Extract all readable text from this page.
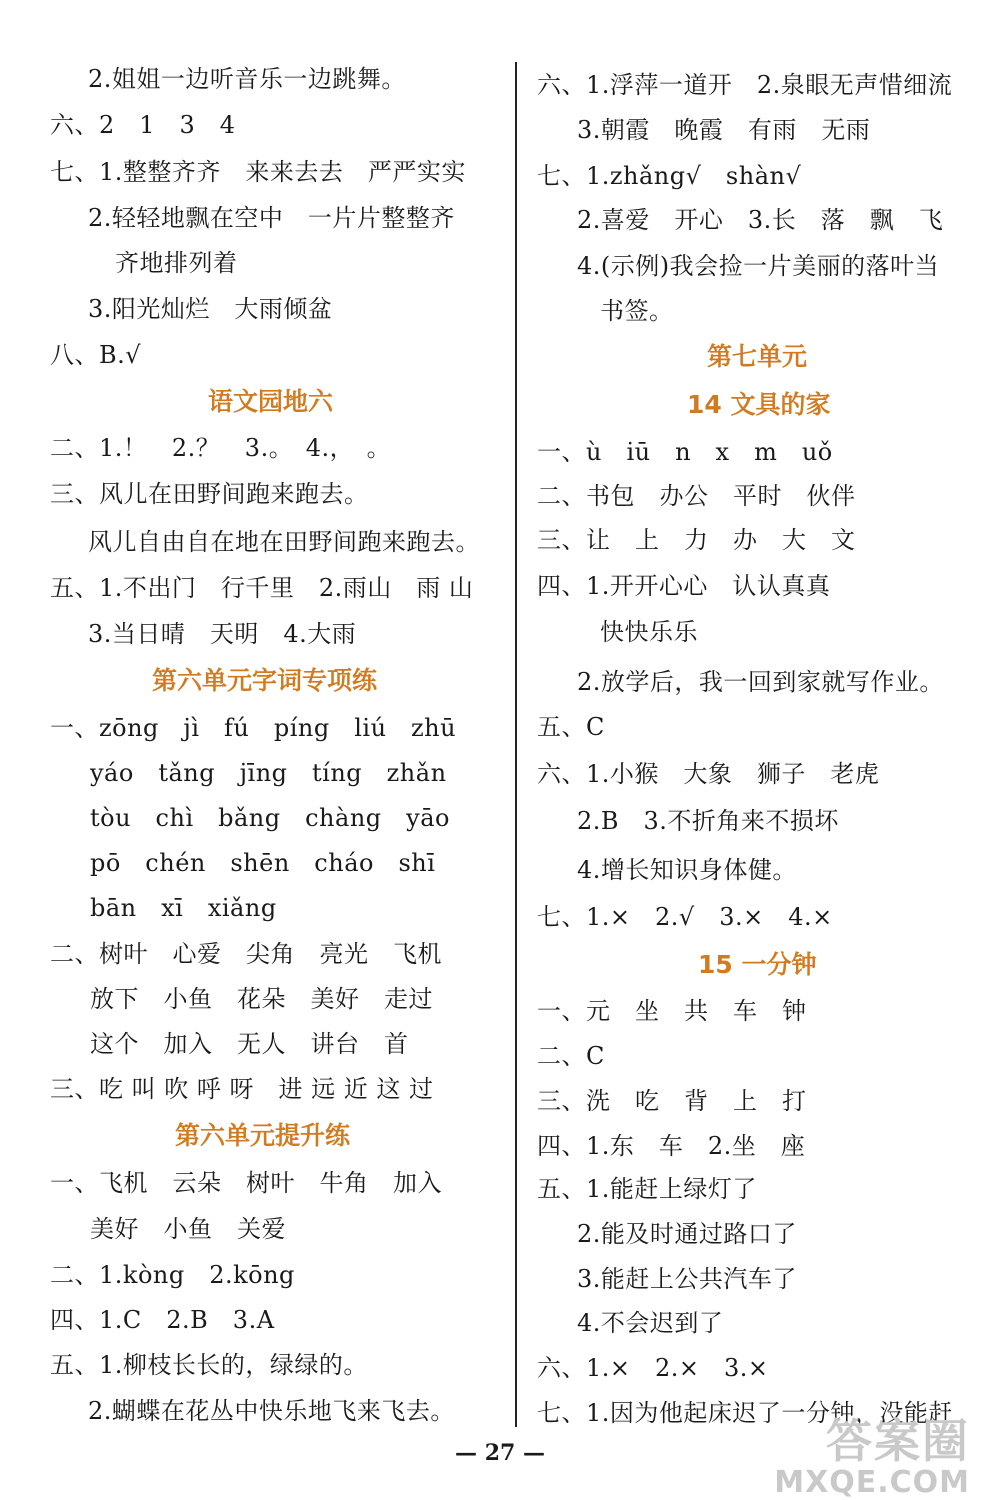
2.姐姐一边听音乐一边跳舞。
六、2　1　3　4
七、1.整整齐齐　来来去去　严严实实
2.轻轻地飘在空中　一片片整整齐
齐地排列着
3.阳光灿烂　大雨倾盆
八、B.√
语文园地六
二、1.！　2.？　3.。　4.，　。
三、风儿在田野间跑来跑去。
风儿自由自在地在田野间跑来跑去。
五、1.不出门　行千里　2.雨山　雨 山
3.当日晴　天明　4.大雨
第六单元字词专项练
一、zōng　jì　fú　píng　liú　zhū
yáo　tǎng　jīng　tíng　zhǎn
tòu　chì　bǎng　chàng　yāo
pō　chén　shēn　cháo　shī
bān　xī　xiǎng
二、树叶　心爱　尖角　亮光　飞机
放下　小鱼　花朵　美好　走过
这个　加入　无人　讲台　首
三、吃 叫 吹 呼 呀　进 远 近 这 过
第六单元提升练
一、飞机　云朵　树叶　牛角　加入
美好　小鱼　关爱
二、1.kòng　2.kōng
四、1.C　2.B　3.A
五、1.柳枝长长的，绿绿的。
2.蝴蝶在花丛中快乐地飞来飞去。
六、1.浮萍一道开　2.泉眼无声惜细流
3.朝霞　晚霞　有雨　无雨
七、1.zhǎng√　shàn√
2.喜爱　开心　3.长　落　飘　飞
4.(示例)我会捡一片美丽的落叶当
书签。
第七单元
14 文具的家
一、ù　iū　n　x　m　uǒ
二、书包　办公　平时　伙伴
三、让　上　力　办　大　文
四、1.开开心心　认认真真
快快乐乐
2.放学后，我一回到家就写作业。
五、C
六、1.小猴　大象　狮子　老虎
2.B　3.不折角来不损坏
4.增长知识身体健。
七、1.×　2.√　3.×　4.×
15 一分钟
一、元　坐　共　车　钟
二、C
三、洗　吃　背　上　打
四、1.东　车　2.坐　座
五、1.能赶上绿灯了
2.能及时通过路口了
3.能赶上公共汽车了
4.不会迟到了
六、1.×　2.×　3.×
七、1.因为他起床迟了一分钟，没能赶
— 27 —	答案圈
MXQE.COM
